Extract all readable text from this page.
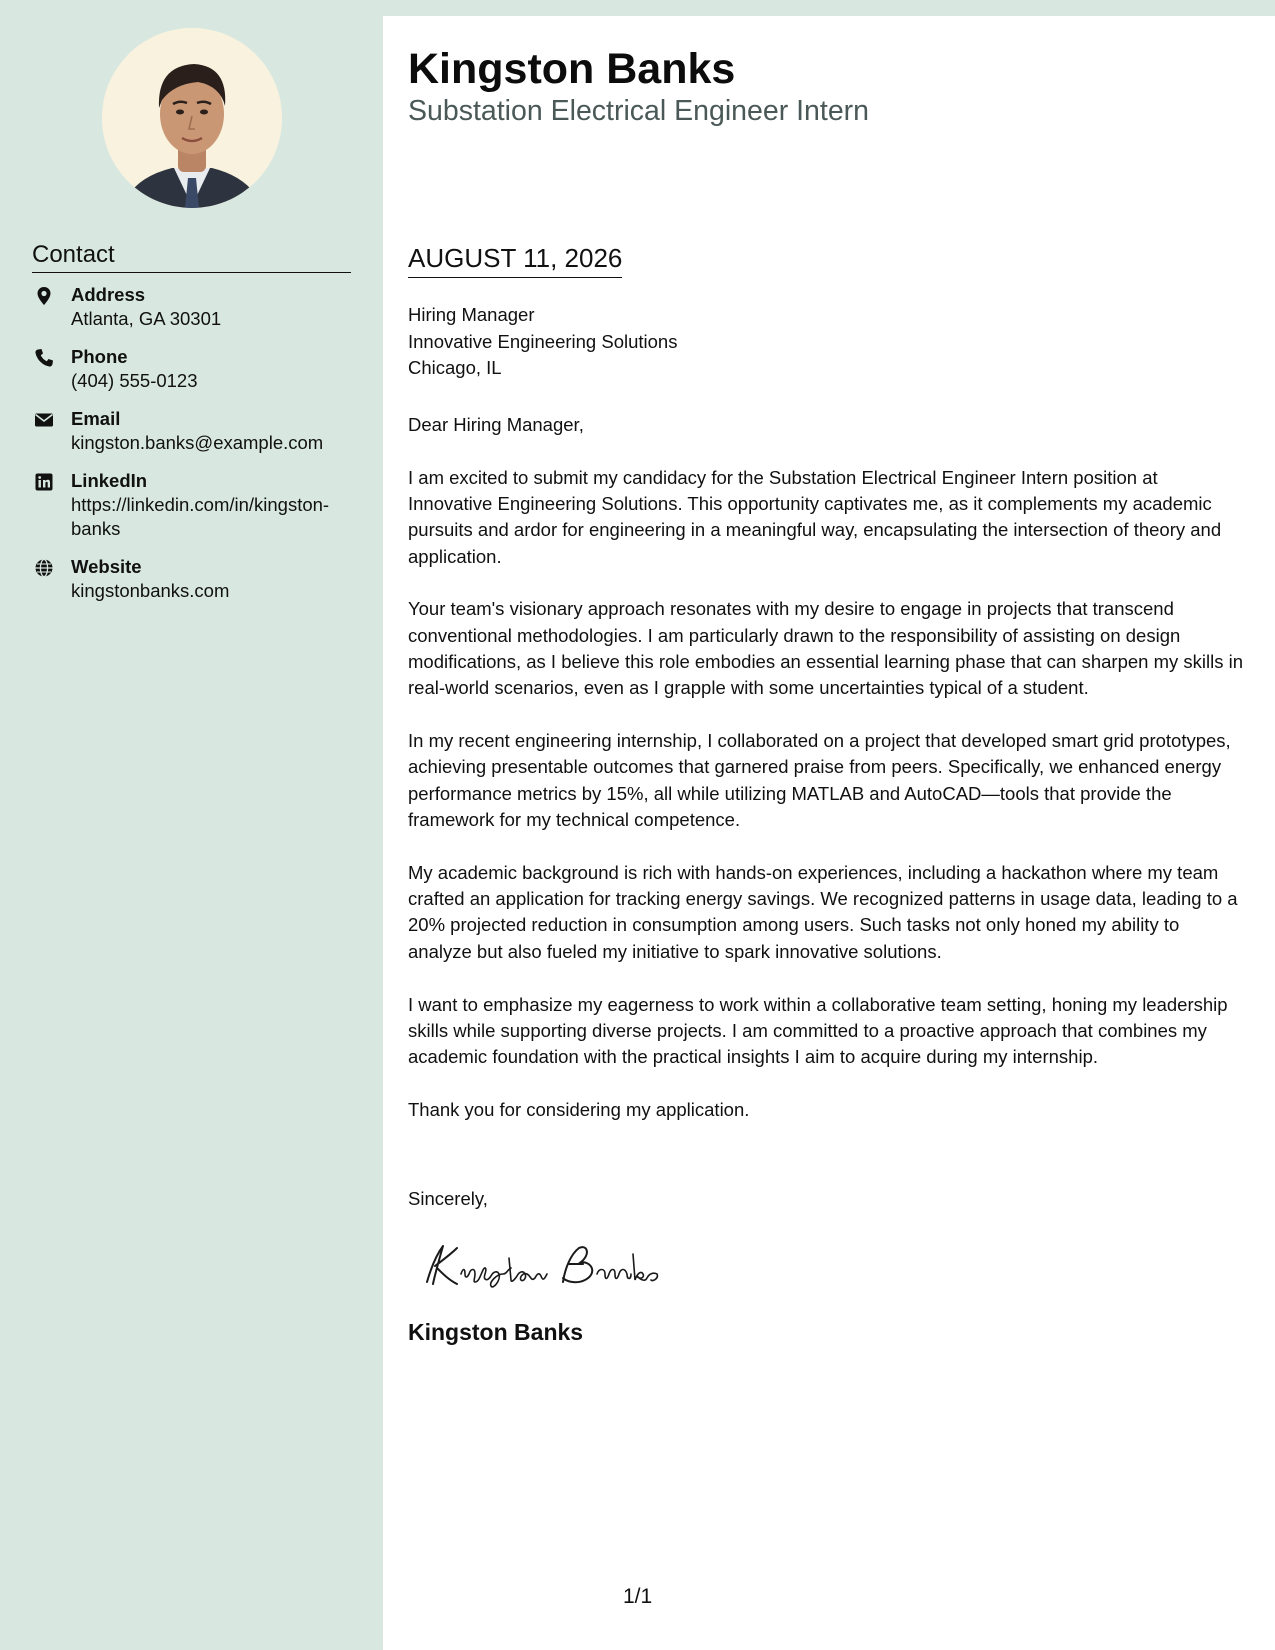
Contact
Address
Atlanta, GA 30301
Phone
(404) 555-0123
Email
kingston.banks@example.com
LinkedIn
https://linkedin.com/in/kingston-banks
Website
kingstonbanks.com
Kingston Banks
Substation Electrical Engineer Intern
AUGUST 11, 2026
Hiring Manager
Innovative Engineering Solutions
Chicago, IL

Dear Hiring Manager,

I am excited to submit my candidacy for the Substation Electrical Engineer Intern position at Innovative Engineering Solutions. This opportunity captivates me, as it complements my academic pursuits and ardor for engineering in a meaningful way, encapsulating the intersection of theory and application.

Your team's visionary approach resonates with my desire to engage in projects that transcend conventional methodologies. I am particularly drawn to the responsibility of assisting on design modifications, as I believe this role embodies an essential learning phase that can sharpen my skills in real-world scenarios, even as I grapple with some uncertainties typical of a student.

In my recent engineering internship, I collaborated on a project that developed smart grid prototypes, achieving presentable outcomes that garnered praise from peers. Specifically, we enhanced energy performance metrics by 15%, all while utilizing MATLAB and AutoCAD—tools that provide the framework for my technical competence.

My academic background is rich with hands-on experiences, including a hackathon where my team crafted an application for tracking energy savings. We recognized patterns in usage data, leading to a 20% projected reduction in consumption among users. Such tasks not only honed my ability to analyze but also fueled my initiative to spark innovative solutions.

I want to emphasize my eagerness to work within a collaborative team setting, honing my leadership skills while supporting diverse projects. I am committed to a proactive approach that combines my academic foundation with the practical insights I aim to acquire during my internship.

Thank you for considering my application.

Sincerely,
Kingston Banks
1/1
